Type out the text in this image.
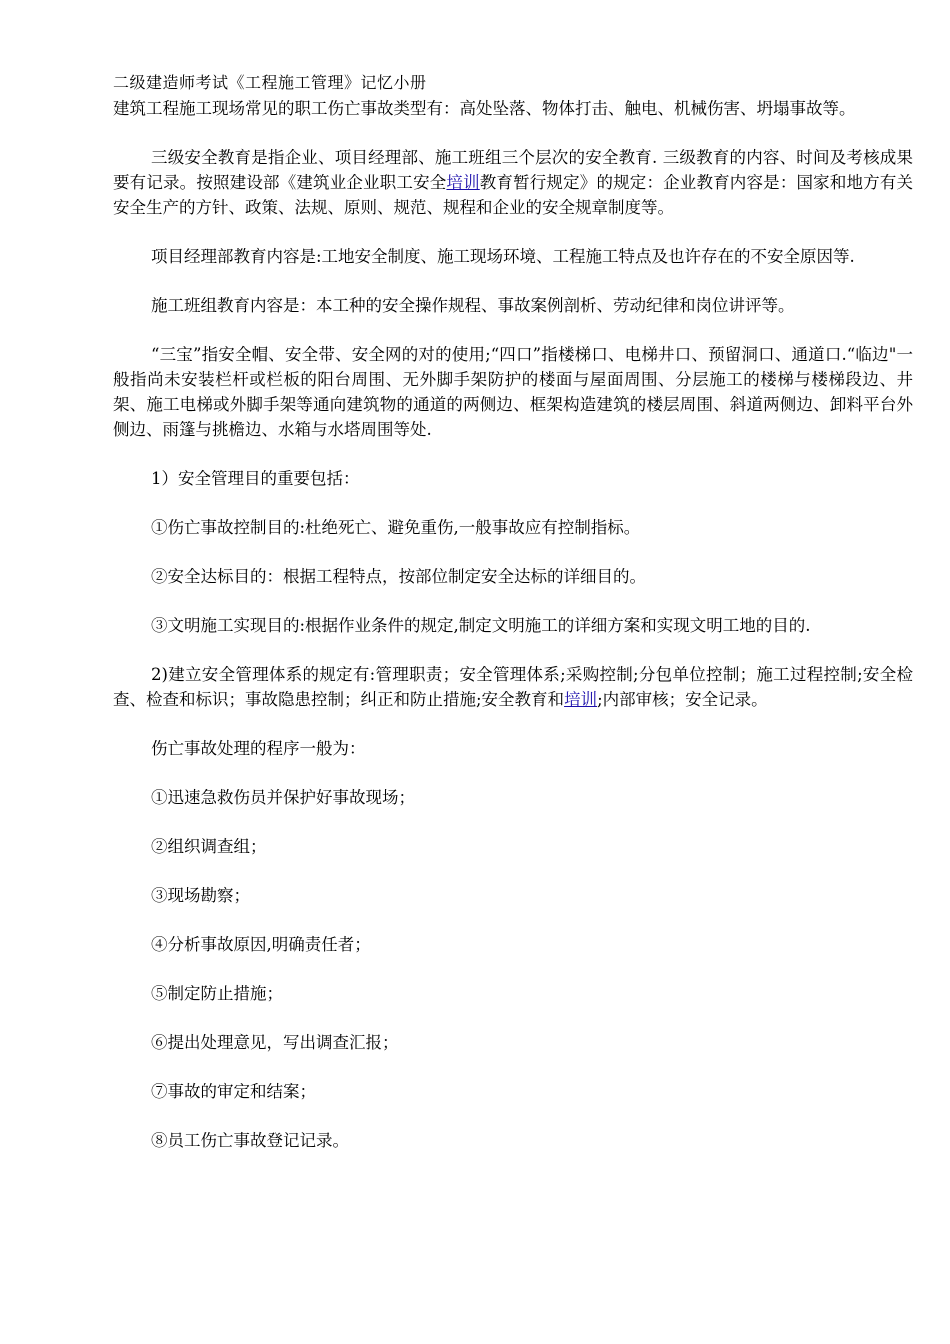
二级建造师考试《工程施工管理》记忆小册

建筑工程施工现场常见的职工伤亡事故类型有：高处坠落、物体打击、触电、机械伤害、坍塌事故等。

三级安全教育是指企业、项目经理部、施工班组三个层次的安全教育. 三级教育的内容、时间及考核成果要有记录。按照建设部《建筑业企业职工安全培训教育暂行规定》的规定：企业教育内容是：国家和地方有关安全生产的方针、政策、法规、原则、规范、规程和企业的安全规章制度等。

项目经理部教育内容是:工地安全制度、施工现场环境、工程施工特点及也许存在的不安全原因等.

施工班组教育内容是：本工种的安全操作规程、事故案例剖析、劳动纪律和岗位讲评等。

“三宝”指安全帽、安全带、安全网的对的使用;“四口”指楼梯口、电梯井口、预留洞口、通道口.“临边"一般指尚未安装栏杆或栏板的阳台周围、无外脚手架防护的楼面与屋面周围、分层施工的楼梯与楼梯段边、井架、施工电梯或外脚手架等通向建筑物的通道的两侧边、框架构造建筑的楼层周围、斜道两侧边、卸料平台外侧边、雨篷与挑檐边、水箱与水塔周围等处.

1）安全管理目的重要包括：

①伤亡事故控制目的:杜绝死亡、避免重伤,一般事故应有控制指标。

②安全达标目的：根据工程特点，按部位制定安全达标的详细目的。

③文明施工实现目的:根据作业条件的规定,制定文明施工的详细方案和实现文明工地的目的.

2)建立安全管理体系的规定有:管理职责；安全管理体系;采购控制;分包单位控制；施工过程控制;安全检查、检查和标识；事故隐患控制；纠正和防止措施;安全教育和培训;内部审核；安全记录。

伤亡事故处理的程序一般为：

①迅速急救伤员并保护好事故现场；

②组织调查组；

③现场勘察；

④分析事故原因,明确责任者；

⑤制定防止措施；

⑥提出处理意见，写出调查汇报；

⑦事故的审定和结案；

⑧员工伤亡事故登记记录。
